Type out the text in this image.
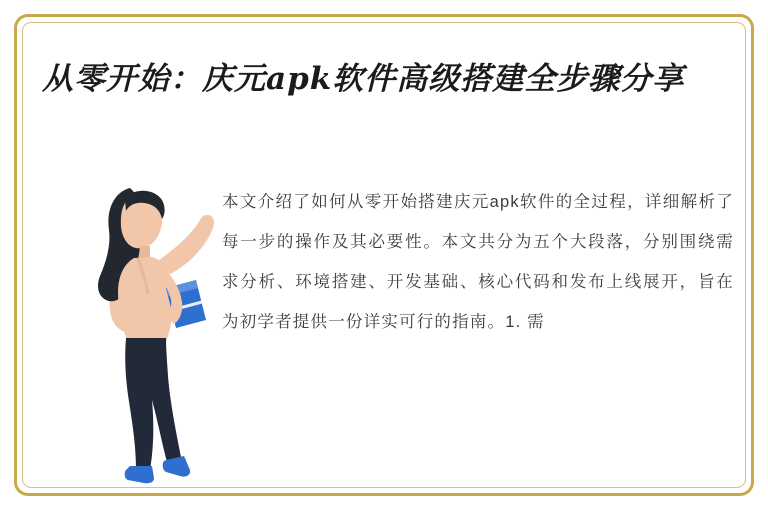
从零开始：庆元apk软件高级搭建全步骤分享
本文介绍了如何从零开始搭建庆元apk软件的全过程，详细解析了每一步的操作及其必要性。本文共分为五个大段落，分别围绕需求分析、环境搭建、开发基础、核心代码和发布上线展开，旨在为初学者提供一份详实可行的指南。1. 需
